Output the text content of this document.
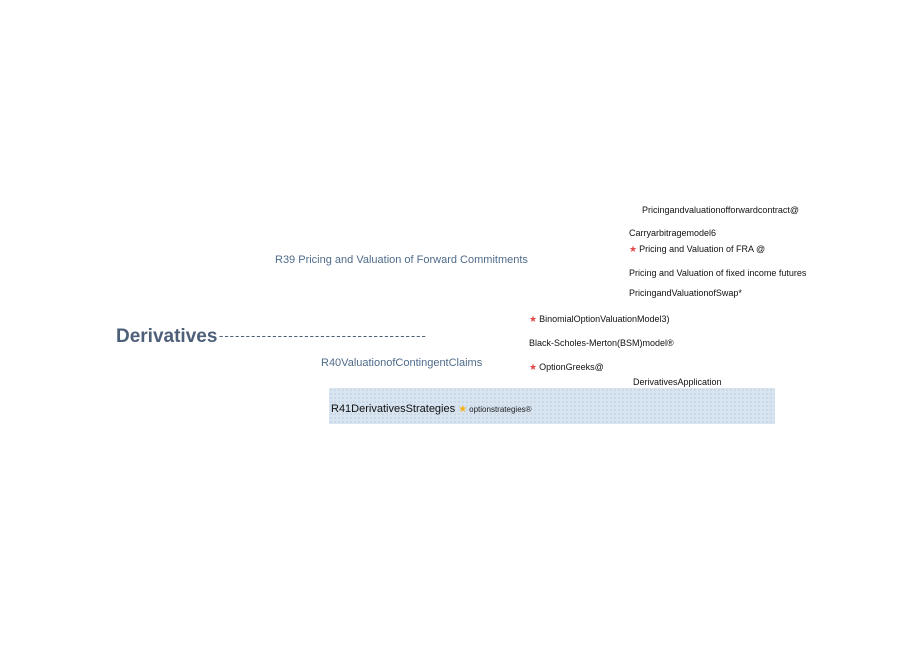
Derivatives ---------------------------------------
R39 Pricing and Valuation of Forward Commitments
Pricingandvaluationofforwardcontract@
Carryarbitragemodel6
★ Pricing and Valuation of FRA @
Pricing and Valuation of fixed income futures
PricingandValuationofSwap*
R40ValuationofContingentClaims
★ BinomialOptionValuationModel3)
Black-Scholes-Merton(BSM)model®
★ OptionGreeks@
DerivativesApplication
R41DerivativesStrategies ★ optionstrategies®
